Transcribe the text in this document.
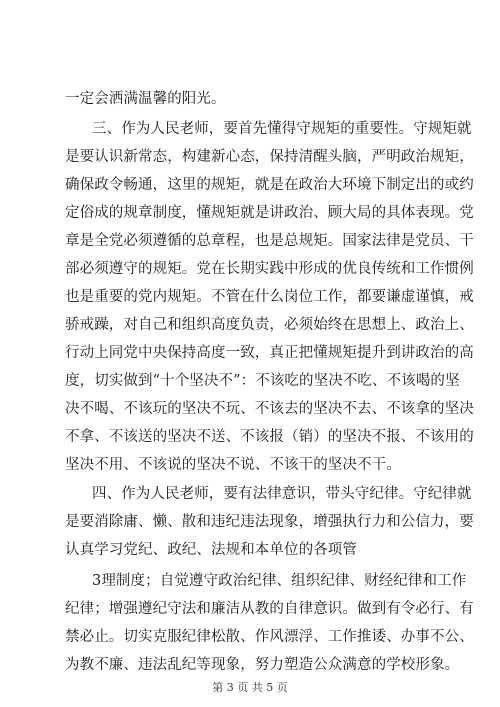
一定会洒满温馨的阳光。
三、作为人民老师，要首先懂得守规矩的重要性。守规矩就
是要认识新常态，构建新心态，保持清醒头脑，严明政治规矩，
确保政令畅通，这里的规矩，就是在政治大环境下制定出的或约
定俗成的规章制度，懂规矩就是讲政治、顾大局的具体表现。党
章是全党必须遵循的总章程，也是总规矩。国家法律是党员、干
部必须遵守的规矩。党在长期实践中形成的优良传统和工作惯例
也是重要的党内规矩。不管在什么岗位工作，都要谦虚谨慎，戒
骄戒躁，对自己和组织高度负责，必须始终在思想上、政治上、
行动上同党中央保持高度一致，真正把懂规矩提升到讲政治的高
度，切实做到“十个坚决不”：不该吃的坚决不吃、不该喝的坚
决不喝、不该玩的坚决不玩、不该去的坚决不去、不该拿的坚决
不拿、不该送的坚决不送、不该报（销）的坚决不报、不该用的
坚决不用、不该说的坚决不说、不该干的坚决不干。
四、作为人民老师，要有法律意识，带头守纪律。守纪律就
是要消除庸、懒、散和违纪违法现象，增强执行力和公信力，要
认真学习党纪、政纪、法规和本单位的各项管
3理制度；自觉遵守政治纪律、组织纪律、财经纪律和工作
纪律；增强遵纪守法和廉洁从教的自律意识。做到有令必行、有
禁必止。切实克服纪律松散、作风漂浮、工作推诿、办事不公、
为教不廉、违法乱纪等现象，努力塑造公众满意的学校形象。
第 3 页 共 5 页
